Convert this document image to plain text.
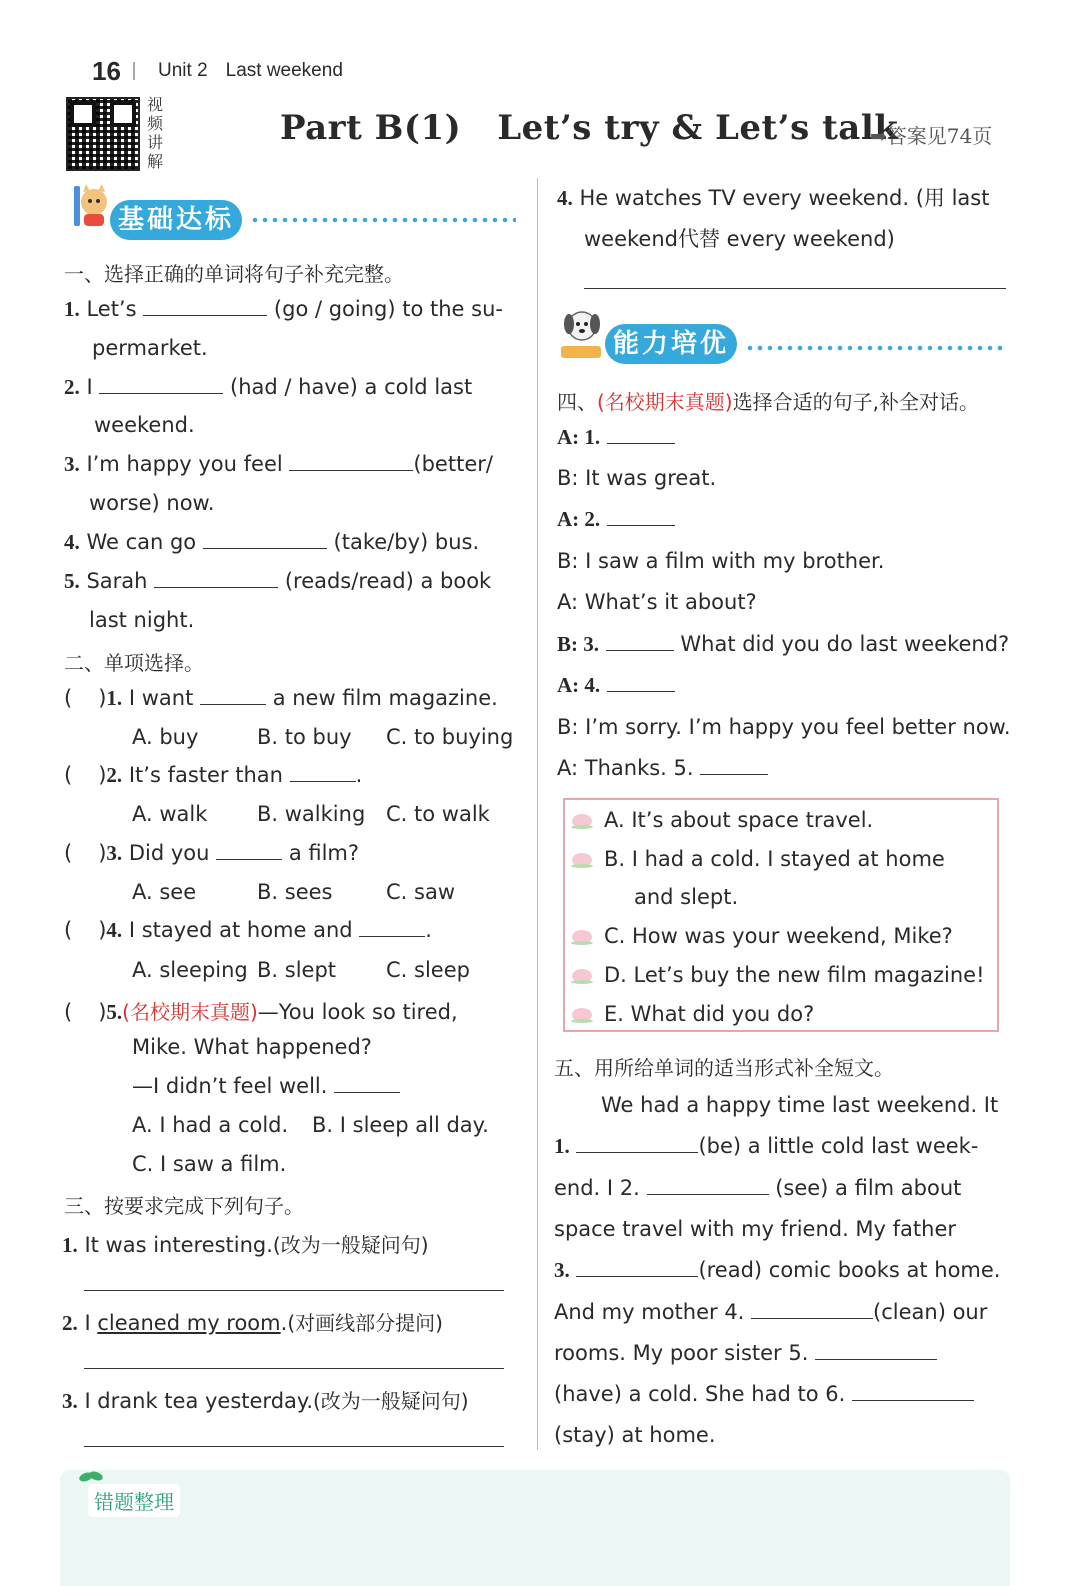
16 Unit 2 Last weekend
视频讲解
Part B(1) Let’s try & Let’s talk
➡答案见74页
基础达标
一、选择正确的单词将句子补充完整。
1. Let’s	(go / going) to the su-
permarket.
2. I	(had / have) a cold last
weekend.
3. I’m happy you feel	(better/
worse) now.
4. We can go	(take/by) bus.
5. Sarah	(reads/read) a book
last night.
二、单项选择。
( )1. I want	a new film magazine.
A. buy	B. to buy C. to buying
( )2. It’s faster than	.
A. walk B. walking C. to walk
( )3. Did you	a film?
A. see	B. sees	C. saw
( )4. I stayed at home and	.
A. sleeping B. slept C. sleep
( )5.(名校期末真题)—You look so tired,
Mike. What happened?
—I didn’t feel well.
A. I had a cold. B. I sleep all day.
C. I saw a film.
三、按要求完成下列句子。
1. It was interesting.(改为一般疑问句)
2. I cleaned my room.(对画线部分提问)
3. I drank tea yesterday.(改为一般疑问句)
4. He watches TV every weekend. (用 last
weekend代替 every weekend)
能力培优
四、(名校期末真题)选择合适的句子,补全对话。
A: 1.
B: It was great.
A: 2.
B: I saw a film with my brother.
A: What’s it about?
B: 3.	What did you do last weekend?
A: 4.
B: I’m sorry. I’m happy you feel better now.
A: Thanks. 5.
A. It’s about space travel.
B. I had a cold. I stayed at home
and slept.
C. How was your weekend, Mike?
D. Let’s buy the new film magazine!
E. What did you do?
五、用所给单词的适当形式补全短文。
We had a happy time last weekend. It
1.	(be) a little cold last week-
end. I 2.	(see) a film about
space travel with my friend. My father
3.	(read) comic books at home.
And my mother 4.	(clean) our
rooms. My poor sister 5.
(have) a cold. She had to 6.
(stay) at home.
错题整理
